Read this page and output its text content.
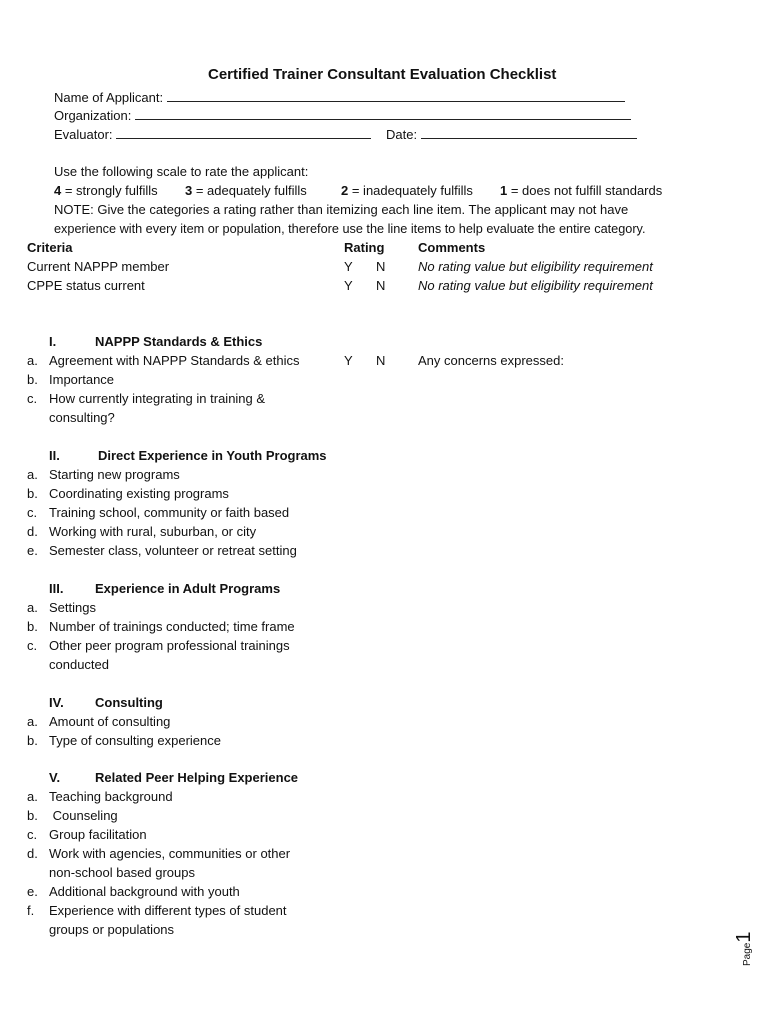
Certified Trainer Consultant Evaluation Checklist
Name of Applicant:
Organization:
Evaluator:	Date:
Use the following scale to rate the applicant:
4 = strongly fulfills 3 = adequately fulfills	2 = inadequately fulfills 1 = does not fulfill standards
NOTE: Give the categories a rating rather than itemizing each line item. The applicant may not have
experience with every item or population, therefore use the line items to help evaluate the entire category.
Criteria	Rating	Comments
Current NAPPP member	Y N	No rating value but eligibility requirement
CPPE status current	Y N	No rating value but eligibility requirement
I.	NAPPP Standards & Ethics
a. Agreement with NAPPP Standards & ethics	Y N	Any concerns expressed:
b. Importance
c. How currently integrating in training &
consulting?
II.	Direct Experience in Youth Programs
a. Starting new programs
b. Coordinating existing programs
c. Training school, community or faith based
d. Working with rural, suburban, or city
e. Semester class, volunteer or retreat setting
III. Experience in Adult Programs
a. Settings
b. Number of trainings conducted; time frame
c. Other peer program professional trainings
conducted
IV. Consulting
a. Amount of consulting
b. Type of consulting experience
V.	Related Peer Helping Experience
a. Teaching background
b. Counseling
c. Group facilitation
d. Work with agencies, communities or other
non-school based groups
e. Additional background with youth
f. Experience with different types of student
groups or populations
Page1
